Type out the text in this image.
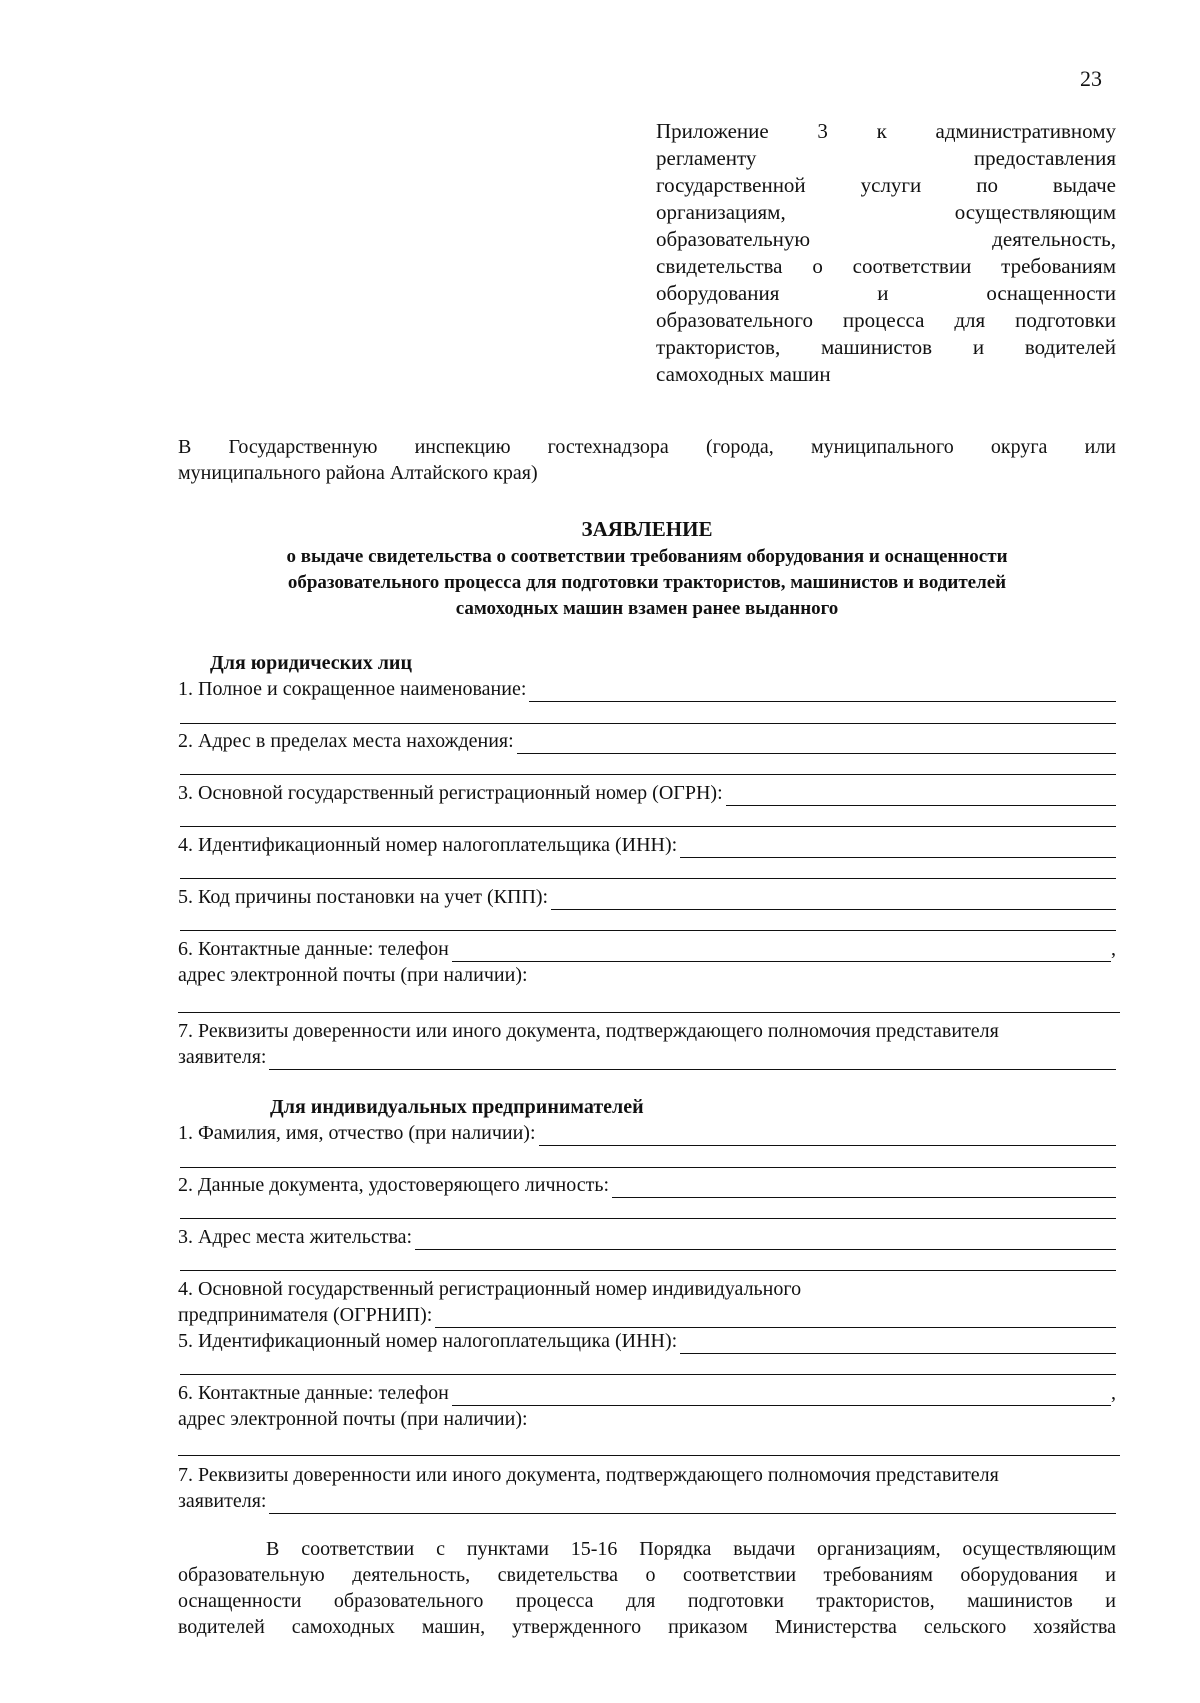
23
Приложение 3 к административному
регламенту предоставления
государственной услуги по выдаче
организациям, осуществляющим
образовательную деятельность,
свидетельства о соответствии требованиям
оборудования и оснащенности
образовательного процесса для подготовки
трактористов, машинистов и водителей
самоходных машин
В Государственную инспекцию гостехнадзора (города, муниципального округа или
муниципального района Алтайского края)
ЗАЯВЛЕНИЕ
о выдаче свидетельства о соответствии требованиям оборудования и оснащенности
образовательного процесса для подготовки трактористов, машинистов и водителей
самоходных машин взамен ранее выданного
Для юридических лиц
1. Полное и сокращенное наименование:
2. Адрес в пределах места нахождения:
3. Основной государственный регистрационный номер (ОГРН):
4. Идентификационный номер налогоплательщика (ИНН):
5. Код причины постановки на учет (КПП):
6. Контактные данные: телефон	,
адрес электронной почты (при наличии):
7. Реквизиты доверенности или иного документа, подтверждающего полномочия представителя
заявителя:
Для индивидуальных предпринимателей
1. Фамилия, имя, отчество (при наличии):
2. Данные документа, удостоверяющего личность:
3. Адрес места жительства:
4. Основной государственный регистрационный номер индивидуального
предпринимателя (ОГРНИП):
5. Идентификационный номер налогоплательщика (ИНН):
6. Контактные данные: телефон	,
адрес электронной почты (при наличии):
7. Реквизиты доверенности или иного документа, подтверждающего полномочия представителя
заявителя:
В соответствии с пунктами 15-16 Порядка выдачи организациям, осуществляющим
образовательную деятельность, свидетельства о соответствии требованиям оборудования и
оснащенности образовательного процесса для подготовки трактористов, машинистов и
водителей самоходных машин, утвержденного приказом Министерства сельского хозяйства
